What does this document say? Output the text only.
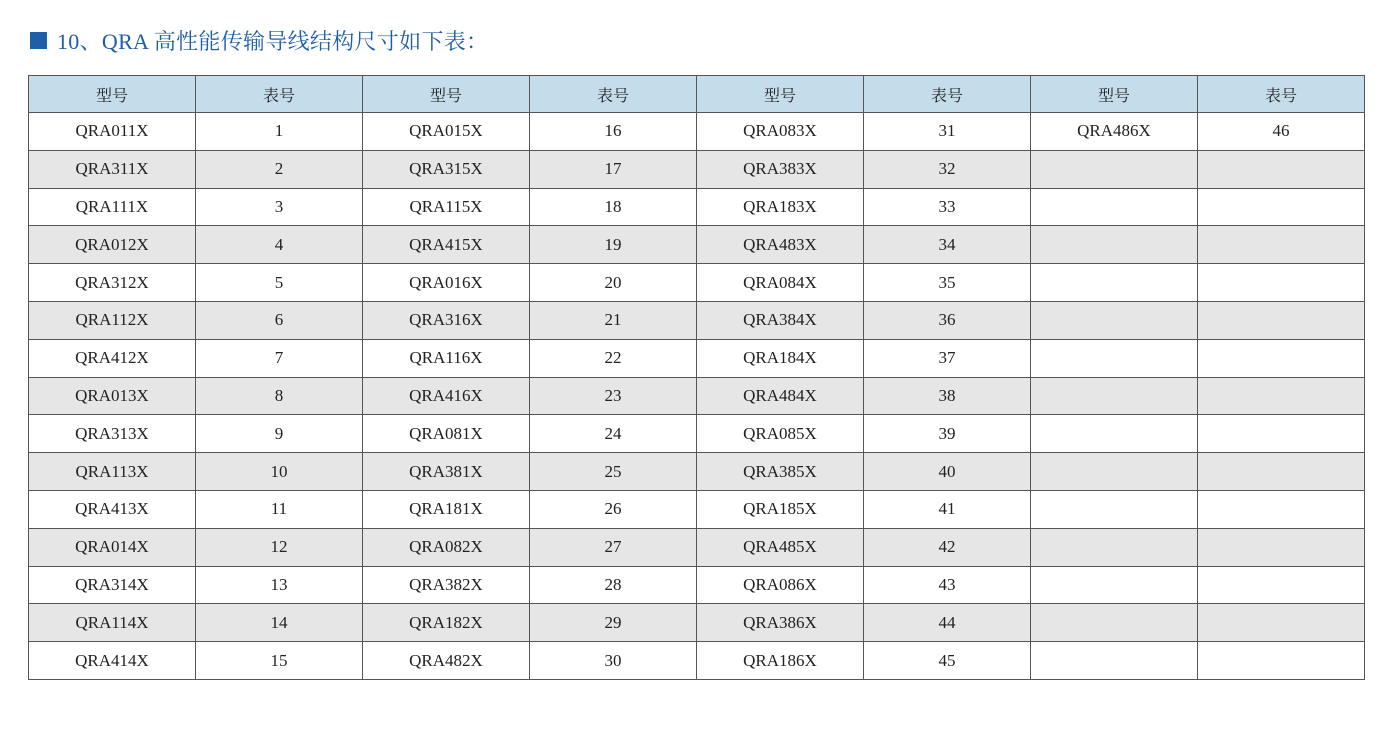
10、QRA 高性能传输导线结构尺寸如下表：
型号	表号	型号	表号	型号	表号	型号	表号
QRA011X	1	QRA015X	16	QRA083X	31	QRA486X	46
QRA311X	2	QRA315X	17	QRA383X	32		
QRA111X	3	QRA115X	18	QRA183X	33		
QRA012X	4	QRA415X	19	QRA483X	34		
QRA312X	5	QRA016X	20	QRA084X	35		
QRA112X	6	QRA316X	21	QRA384X	36		
QRA412X	7	QRA116X	22	QRA184X	37		
QRA013X	8	QRA416X	23	QRA484X	38		
QRA313X	9	QRA081X	24	QRA085X	39		
QRA113X	10	QRA381X	25	QRA385X	40		
QRA413X	11	QRA181X	26	QRA185X	41		
QRA014X	12	QRA082X	27	QRA485X	42		
QRA314X	13	QRA382X	28	QRA086X	43		
QRA114X	14	QRA182X	29	QRA386X	44		
QRA414X	15	QRA482X	30	QRA186X	45		
